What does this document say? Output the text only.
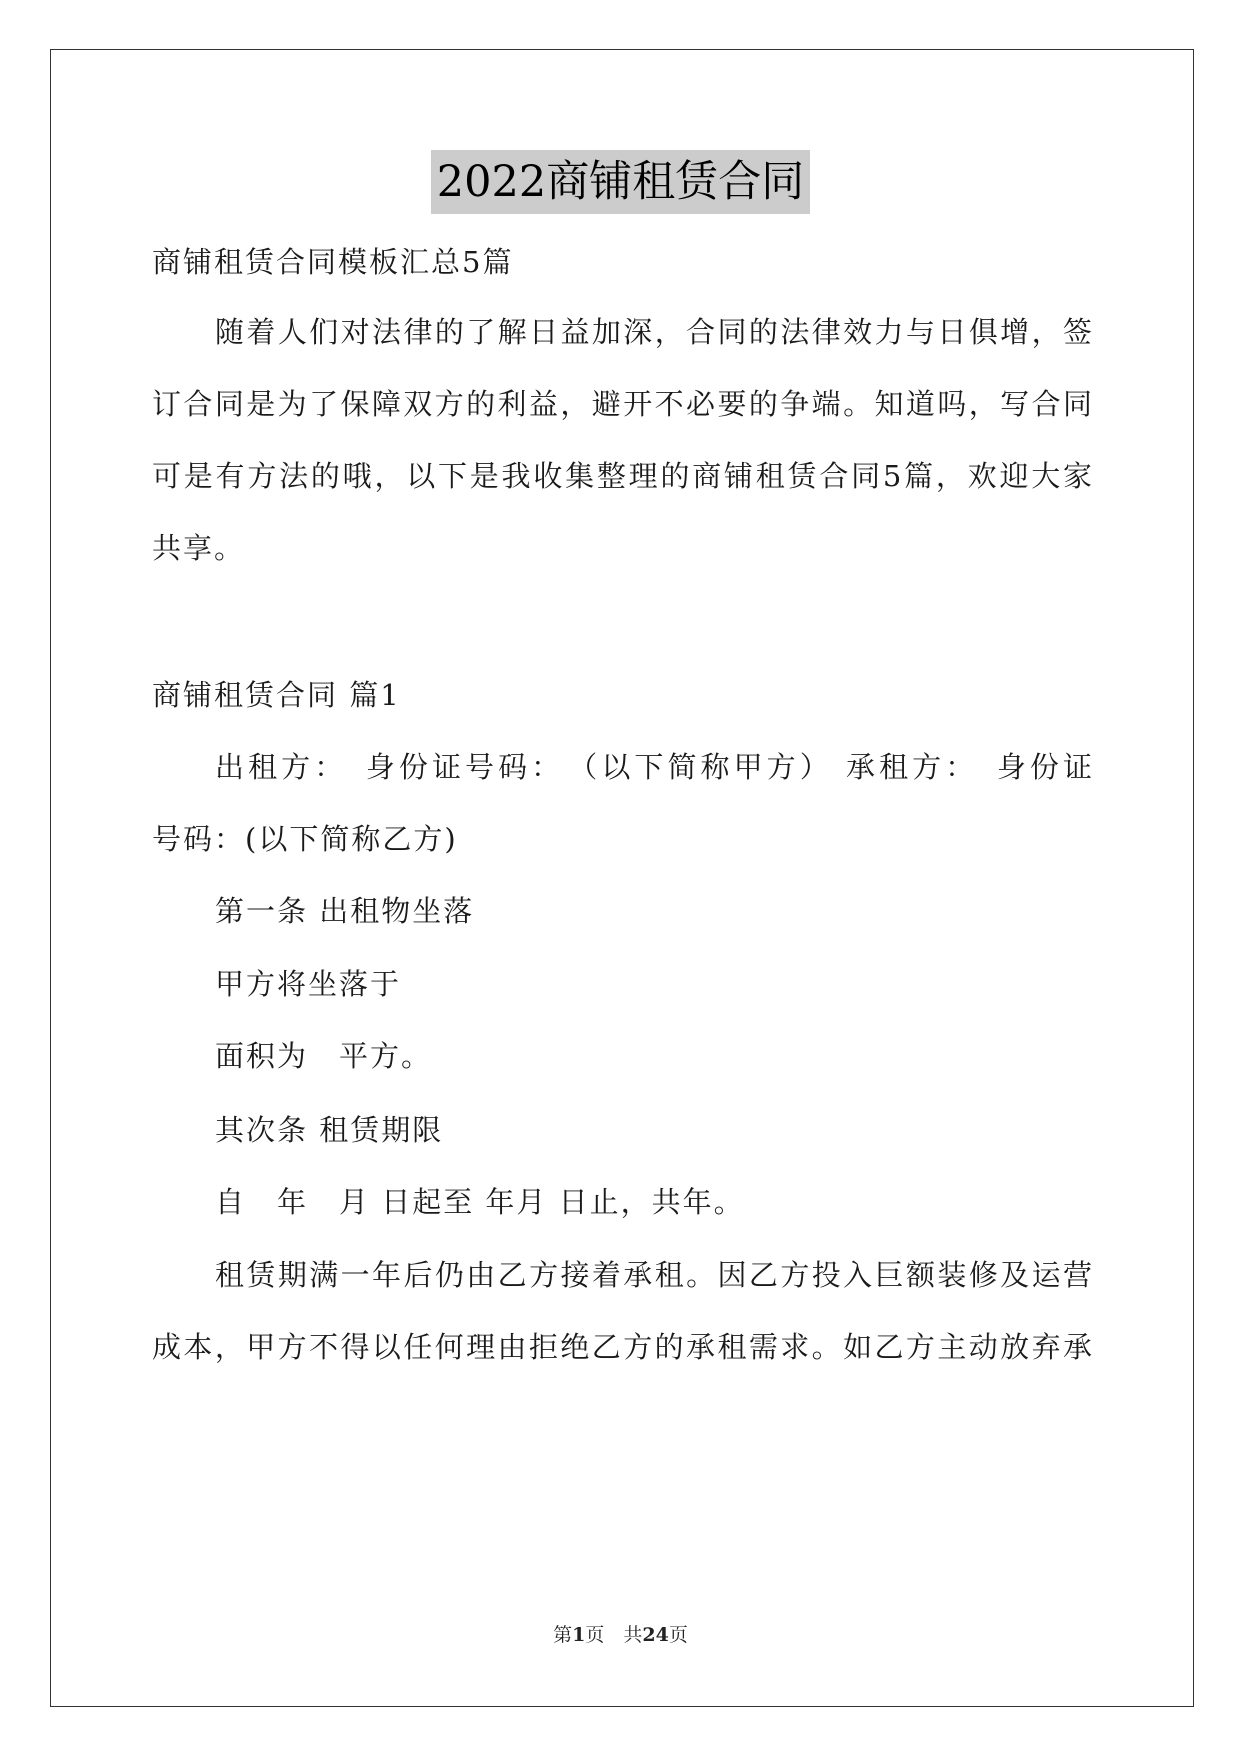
2022商铺租赁合同
商铺租赁合同模板汇总5篇
随着人们对法律的了解日益加深，合同的法律效力与日俱增，签
订合同是为了保障双方的利益，避开不必要的争端。知道吗，写合同
可是有方法的哦，以下是我收集整理的商铺租赁合同5篇，欢迎大家
共享。
商铺租赁合同 篇1
出租方：　身份证号码：　（以下简称甲方） 承租方：　身份证
号码：(以下简称乙方)
第一条 出租物坐落
甲方将坐落于
面积为　平方。
其次条 租赁期限
自　年　月 日起至 年月 日止，共年。
租赁期满一年后仍由乙方接着承租。因乙方投入巨额装修及运营
成本，甲方不得以任何理由拒绝乙方的承租需求。如乙方主动放弃承
第1页　共24页
